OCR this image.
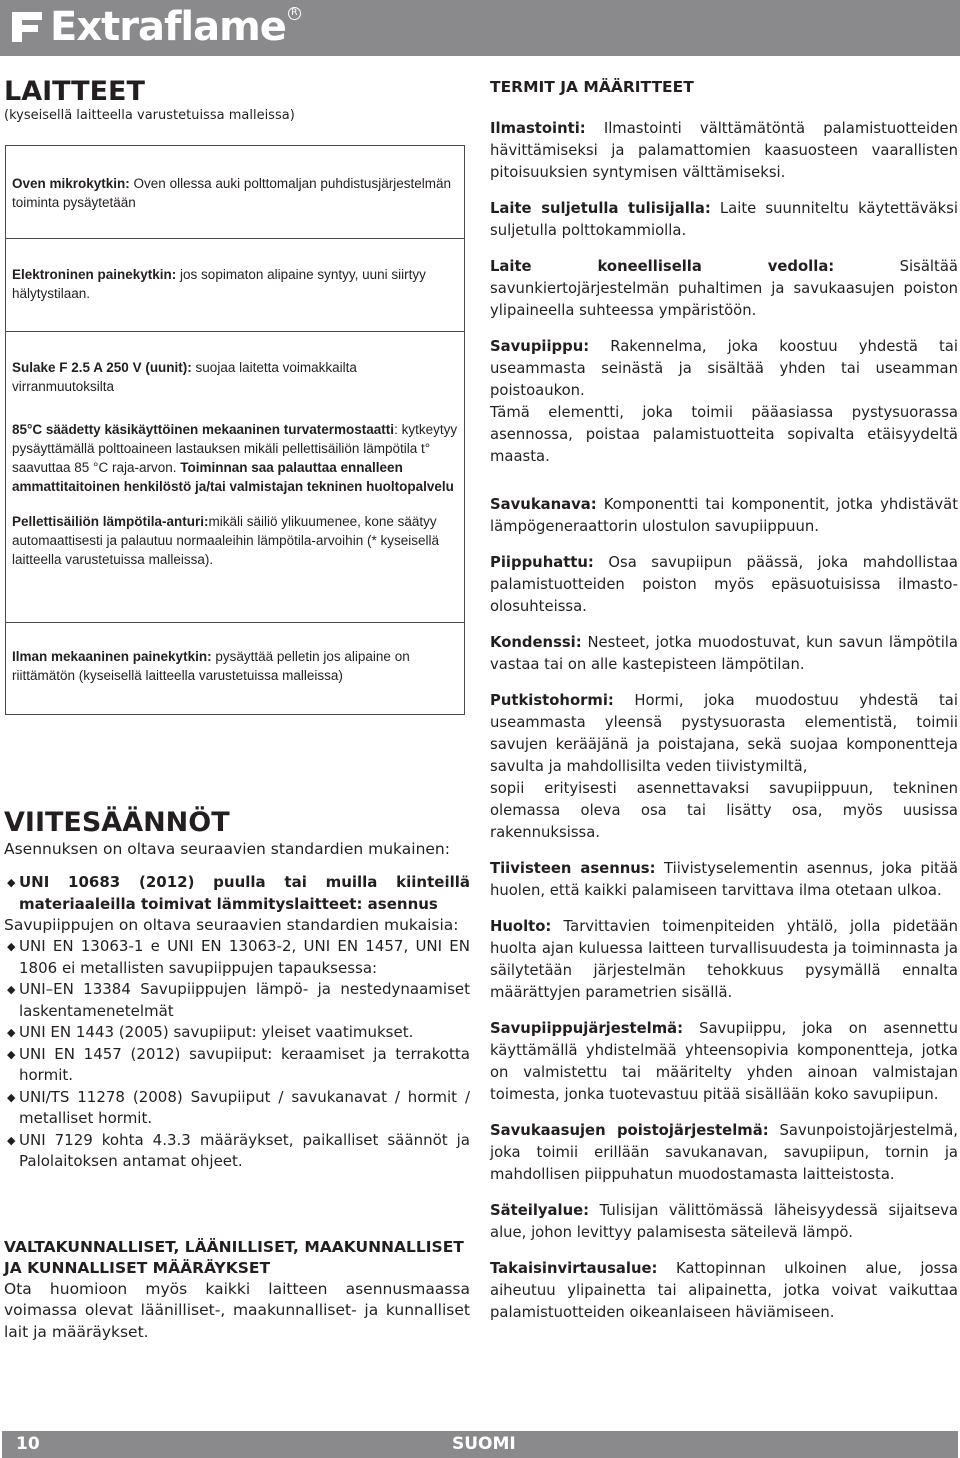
Extraflame R
LAITTEET

(kyseisellä laitteella varustetuissa malleissa)

Oven mikrokytkin: Oven ollessa auki polttomaljan puhdistusjärjestelmän toiminta pysäytetään

Elektroninen painekytkin: jos sopimaton alipaine syntyy, uuni siirtyy hälytystilaan.

Sulake F 2.5 A 250 V (uunit): suojaa laitetta voimakkailta virranmuutoksilta

85°C säädetty käsikäyttöinen mekaaninen turvatermostaatti: kytkeytyy pysäyttämällä polttoaineen lastauksen mikäli pellettisäiliön lämpötila t° saavuttaa 85 °C raja-arvon. Toiminnan saa palauttaa ennalleen ammattitaitoinen henkilöstö ja/tai valmistajan tekninen huoltopalvelu

Pellettisäiliön lämpötila-anturi:mikäli säiliö ylikuumenee, kone säätyy automaattisesti ja palautuu normaaleihin lämpötila-arvoihin (* kyseisellä laitteella varustetuissa malleissa).

Ilman mekaaninen painekytkin: pysäyttää pelletin jos alipaine on riittämätön (kyseisellä laitteella varustetuissa malleissa)

VIITESÄÄNNÖT

Asennuksen on oltava seuraavien standardien mukainen:

◆ UNI 10683 (2012) puulla tai muilla kiinteillä materiaaleilla toimivat lämmityslaitteet: asennus

Savupiippujen on oltava seuraavien standardien mukaisia:

◆ UNI EN 13063-1 e UNI EN 13063-2, UNI EN 1457, UNI EN 1806 ei metallisten savupiippujen tapauksessa:
◆ UNI–EN 13384 Savupiippujen lämpö- ja nestedynaamiset laskentamenetelmät
◆ UNI EN 1443 (2005) savupiiput: yleiset vaatimukset.
◆ UNI EN 1457 (2012) savupiiput: keraamiset ja terrakotta hormit.
◆ UNI/TS 11278 (2008) Savupiiput / savukanavat / hormit / metalliset hormit.
◆ UNI 7129 kohta 4.3.3 määräykset, paikalliset säännöt ja Palolaitoksen antamat ohjeet.
VALTAKUNNALLISET, LÄÄNILLISET, MAAKUNNALLISET JA KUNNALLISET MÄÄRÄYKSET

Ota huomioon myös kaikki laitteen asennusmaassa voimassa olevat läänilliset-, maakunnalliset- ja kunnalliset lait ja määräykset.

TERMIT JA MÄÄRITTEET

Ilmastointi: Ilmastointi välttämätöntä palamistuotteiden hävittämiseksi ja palamattomien kaasuosteen vaarallisten pitoisuuksien syntymisen välttämiseksi.

Laite suljetulla tulisijalla: Laite suunniteltu käytettäväksi suljetulla polttokammiolla.

Laite koneellisella vedolla: Sisältää savunkiertojärjestelmän puhaltimen ja savukaasujen poiston ylipaineella suhteessa ympäristöön.

Savupiippu: Rakennelma, joka koostuu yhdestä tai useammasta seinästä ja sisältää yhden tai useamman poistoaukon.

Tämä elementti, joka toimii pääasiassa pystysuorassa asennossa, poistaa palamistuotteita sopivalta etäisyydeltä maasta.

Savukanava: Komponentti tai komponentit, jotka yhdistävät lämpögeneraattorin ulostulon savupiippuun.

Piippuhattu: Osa savupiipun päässä, joka mahdollistaa palamistuotteiden poiston myös epäsuotuisissa ilmasto-olosuhteissa.

Kondenssi: Nesteet, jotka muodostuvat, kun savun lämpötila vastaa tai on alle kastepisteen lämpötilan.

Putkistohormi: Hormi, joka muodostuu yhdestä tai useammasta yleensä pystysuorasta elementistä, toimii savujen kerääjänä ja poistajana, sekä suojaa komponentteja savulta ja mahdollisilta veden tiivistymiltä,

sopii erityisesti asennettavaksi savupiippuun, tekninen olemassa oleva osa tai lisätty osa, myös uusissa rakennuksissa.

Tiivisteen asennus: Tiivistyselementin asennus, joka pitää huolen, että kaikki palamiseen tarvittava ilma otetaan ulkoa.

Huolto: Tarvittavien toimenpiteiden yhtälö, jolla pidetään huolta ajan kuluessa laitteen turvallisuudesta ja toiminnasta ja säilytetään järjestelmän tehokkuus pysymällä ennalta määrättyjen parametrien sisällä.

Savupiippujärjestelmä: Savupiippu, joka on asennettu käyttämällä yhdistelmää yhteensopivia komponentteja, jotka on valmistettu tai määritelty yhden ainoan valmistajan toimesta, jonka tuotevastuu pitää sisällään koko savupiipun.

Savukaasujen poistojärjestelmä: Savunpoistojärjestelmä, joka toimii erillään savukanavan, savupiipun, tornin ja mahdollisen piippuhatun muodostamasta laitteistosta.

Säteilyalue: Tulisijan välittömässä läheisyydessä sijaitseva alue, johon levittyy palamisesta säteilevä lämpö.

Takaisinvirtausalue: Kattopinnan ulkoinen alue, jossa aiheutuu ylipainetta tai alipainetta, jotka voivat vaikuttaa palamistuotteiden oikeanlaiseen häviämiseen.

10	SUOMI
